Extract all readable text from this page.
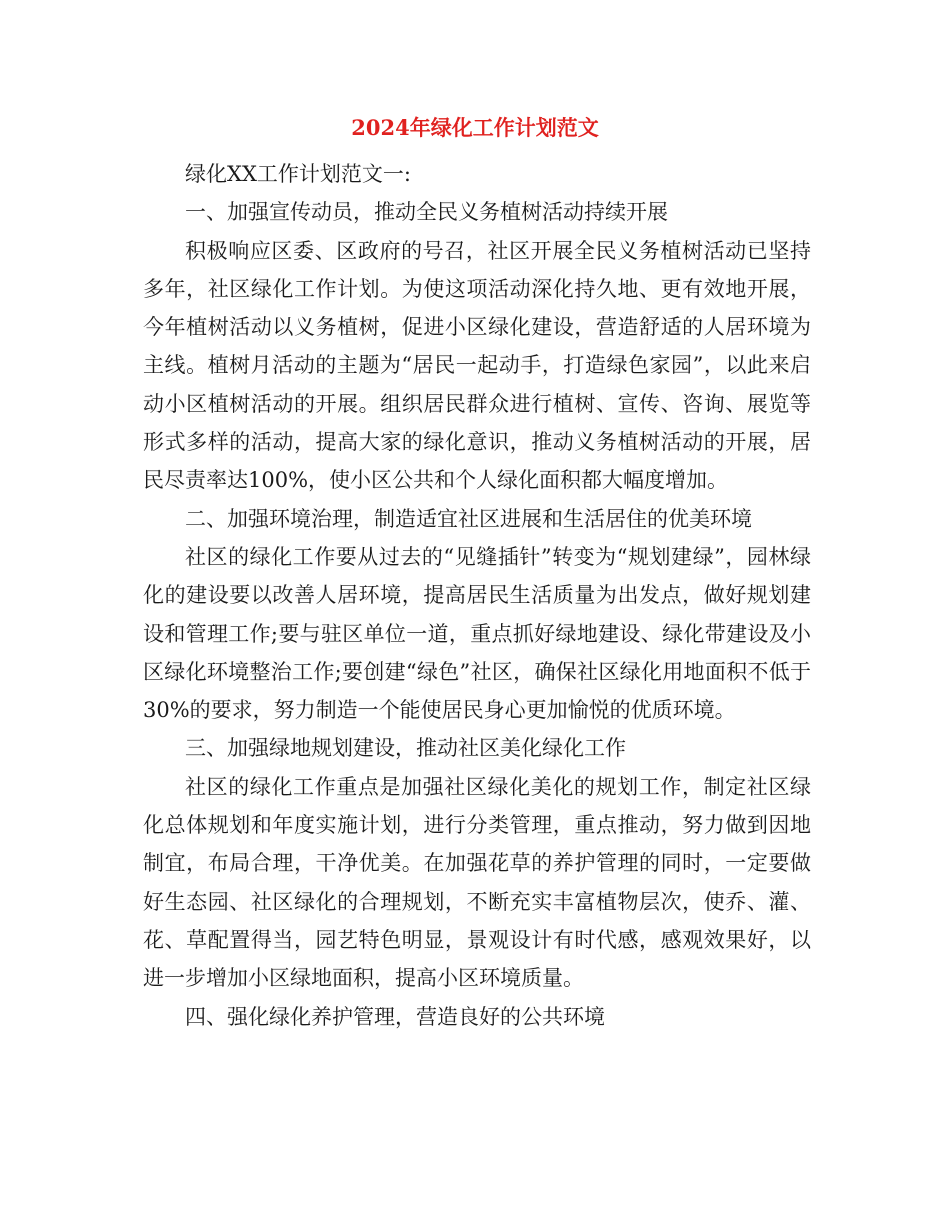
2024年绿化工作计划范文

绿化XX工作计划范文一:

一、加强宣传动员，推动全民义务植树活动持续开展

积极响应区委、区政府的号召，社区开展全民义务植树活动已坚持多年，社区绿化工作计划。为使这项活动深化持久地、更有效地开展，今年植树活动以义务植树，促进小区绿化建设，营造舒适的人居环境为主线。植树月活动的主题为“居民一起动手，打造绿色家园”，以此来启动小区植树活动的开展。组织居民群众进行植树、宣传、咨询、展览等形式多样的活动，提高大家的绿化意识，推动义务植树活动的开展，居民尽责率达100%，使小区公共和个人绿化面积都大幅度增加。

二、加强环境治理，制造适宜社区进展和生活居住的优美环境

社区的绿化工作要从过去的“见缝插针”转变为“规划建绿”，园林绿化的建设要以改善人居环境，提高居民生活质量为出发点，做好规划建设和管理工作;要与驻区单位一道，重点抓好绿地建设、绿化带建设及小区绿化环境整治工作;要创建“绿色”社区，确保社区绿化用地面积不低于30%的要求，努力制造一个能使居民身心更加愉悦的优质环境。

三、加强绿地规划建设，推动社区美化绿化工作

社区的绿化工作重点是加强社区绿化美化的规划工作，制定社区绿化总体规划和年度实施计划，进行分类管理，重点推动，努力做到因地制宜，布局合理，干净优美。在加强花草的养护管理的同时，一定要做好生态园、社区绿化的合理规划，不断充实丰富植物层次，使乔、灌、花、草配置得当，园艺特色明显，景观设计有时代感，感观效果好，以进一步增加小区绿地面积，提高小区环境质量。

四、强化绿化养护管理，营造良好的公共环境
